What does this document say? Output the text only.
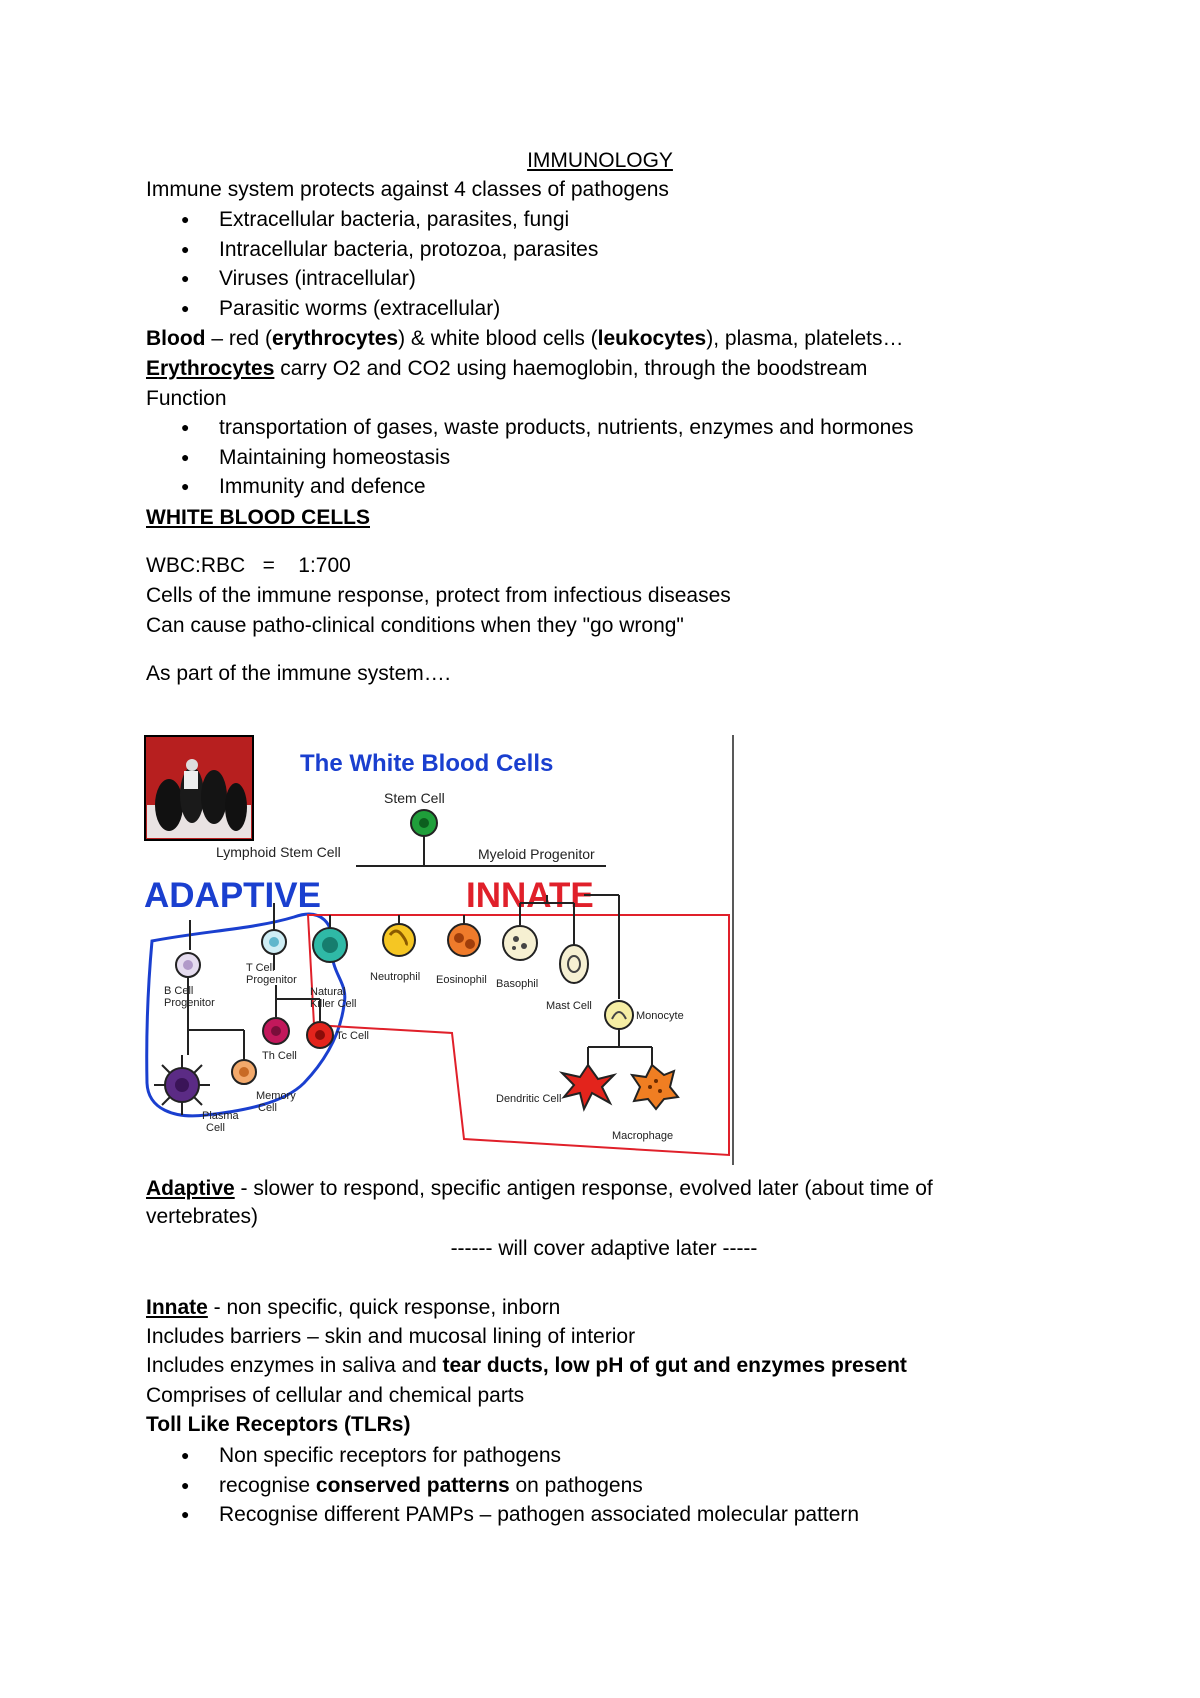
IMMUNOLOGY
Immune system protects against 4 classes of pathogens
● Extracellular bacteria, parasites, fungi
● Intracellular bacteria, protozoa, parasites
● Viruses (intracellular)
● Parasitic worms (extracellular)
Blood – red (erythrocytes) & white blood cells (leukocytes), plasma, platelets…
Erythrocytes carry O2 and CO2 using haemoglobin, through the boodstream
Function
● transportation of gases, waste products, nutrients, enzymes and hormones
● Maintaining homeostasis
● Immunity and defence
WHITE BLOOD CELLS
WBC:RBC   =    1:700
Cells of the immune response, protect from infectious diseases
Can cause patho-clinical conditions when they "go wrong"
As part of the immune system….
The White Blood Cells
Stem Cell
Lymphoid Stem Cell	Myeloid Progenitor
ADAPTIVE	INNATE
B Cell
Progenitor
T Cell
Progenitor
Natural
Killer Cell
Neutrophil Eosinophil Basophil
Mast Cell
Monocyte
Dendritic Cell
Macrophage
Plasma
Cell
Memory
Cell
Th Cell
Tc Cell
Adaptive - slower to respond, specific antigen response, evolved later (about time of
vertebrates)
------ will cover adaptive later -----
Innate - non specific, quick response, inborn
Includes barriers – skin and mucosal lining of interior
Includes enzymes in saliva and tear ducts, low pH of gut and enzymes present
Comprises of cellular and chemical parts
Toll Like Receptors (TLRs)
● Non specific receptors for pathogens
● recognise conserved patterns on pathogens
● Recognise different PAMPs – pathogen associated molecular pattern
